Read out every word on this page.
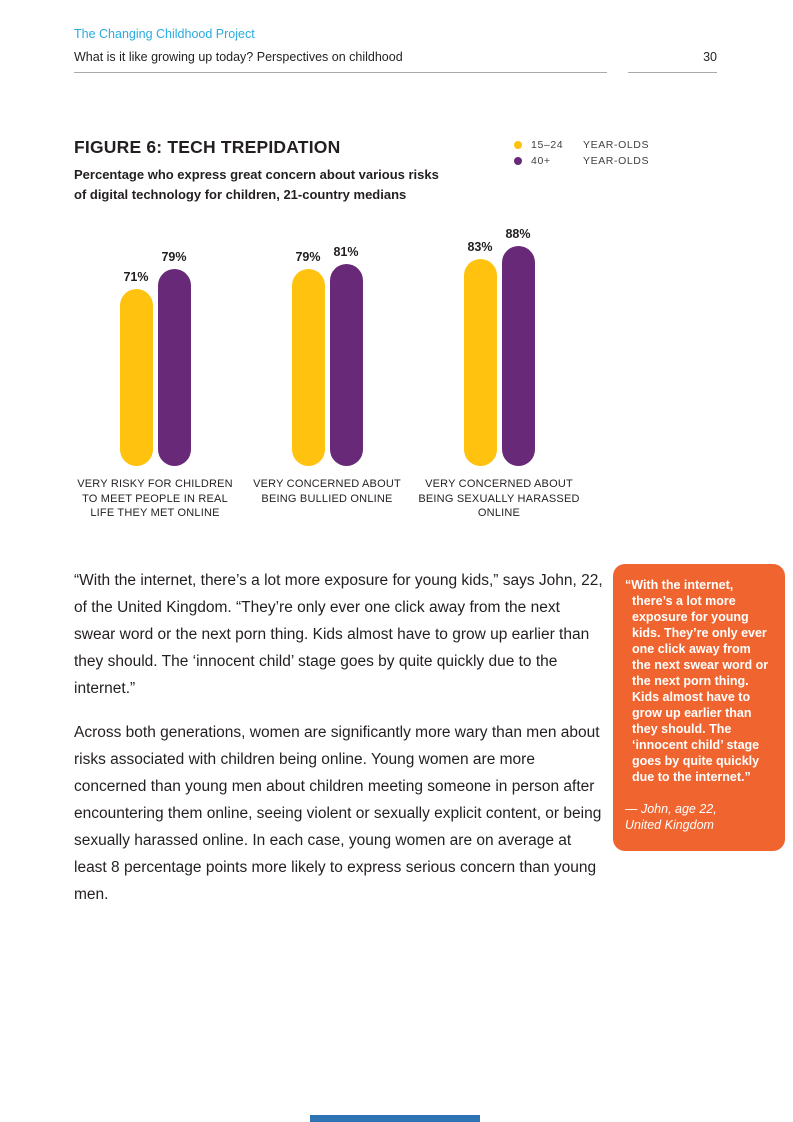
The Changing Childhood Project
What is it like growing up today? Perspectives on childhood	30
FIGURE 6: TECH TREPIDATION
Percentage who express great concern about various risks of digital technology for children, 21-country medians
15–24	YEAR-OLDS
40+	YEAR-OLDS
71%
79%
VERY RISKY FOR CHILDREN TO MEET PEOPLE IN REAL LIFE THEY MET ONLINE
79% 81%
VERY CONCERNED ABOUT BEING BULLIED ONLINE
83%
88%
VERY CONCERNED ABOUT BEING SEXUALLY HARASSED ONLINE

“With the internet, there’s a lot more exposure for young kids,” says John, 22, of the United Kingdom. “They’re only ever one click away from the next swear word or the next porn thing. Kids almost have to grow up earlier than they should. The ‘innocent child’ stage goes by quite quickly due to the internet.”

Across both generations, women are significantly more wary than men about risks associated with children being online. Young women are more concerned than young men about children meeting someone in person after encountering them online, seeing violent or sexually explicit content, or being sexually harassed online. In each case, young women are on average at least 8 percentage points more likely to express serious concern than young men.

“With the internet, there’s a lot more exposure for young kids. They’re only ever one click away from the next swear word or the next porn thing. Kids almost have to grow up earlier than they should. The ‘innocent child’ stage goes by quite quickly due to the internet.”
— John, age 22,
United Kingdom
